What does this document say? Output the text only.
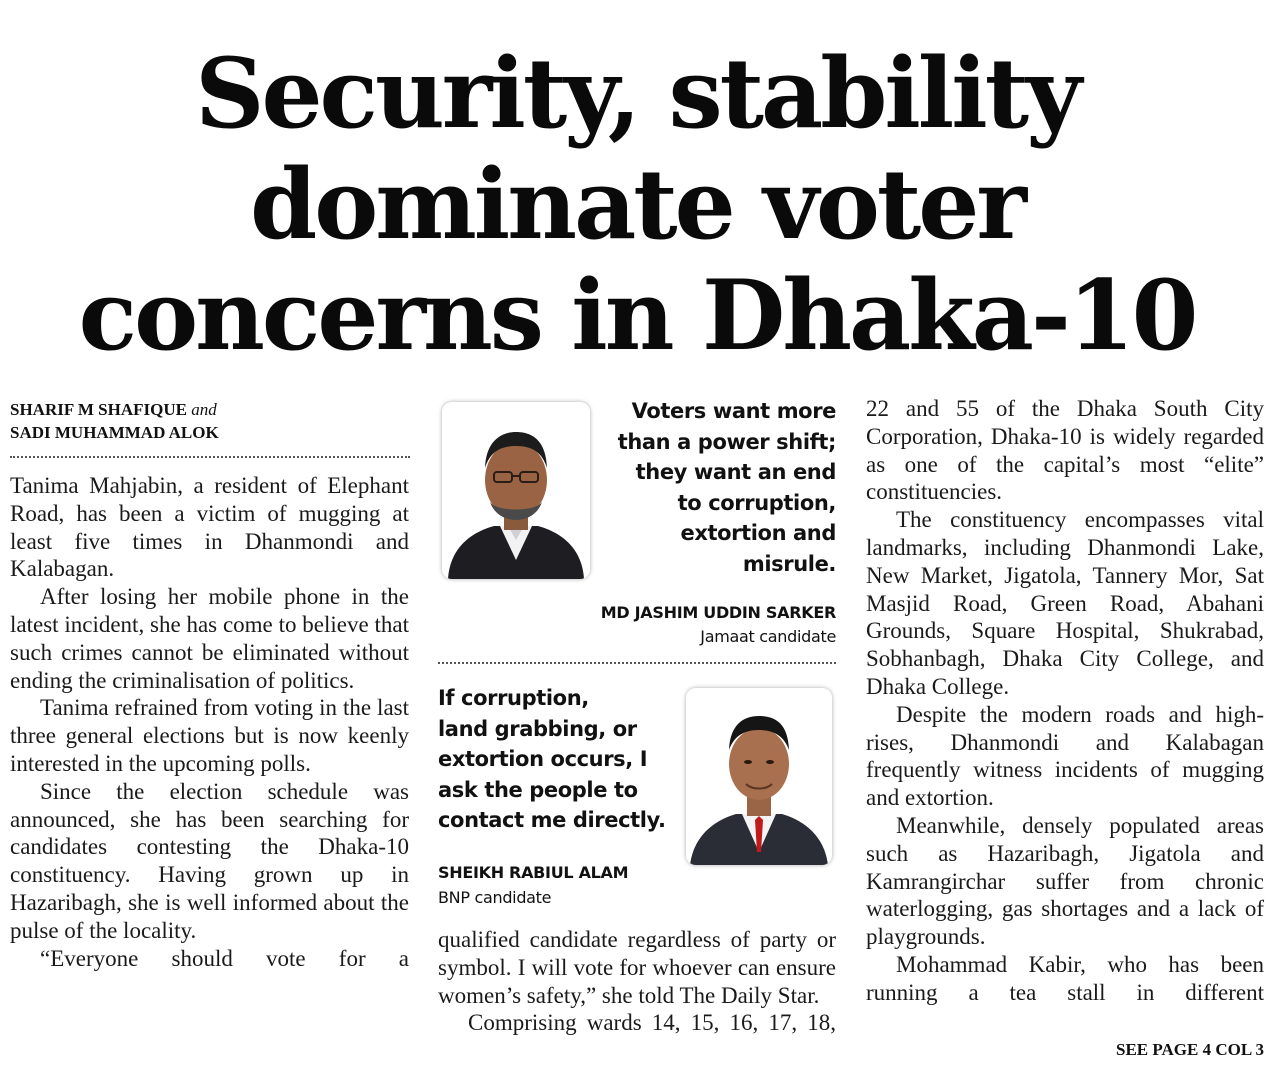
Security, stability
dominate voter
concerns in Dhaka-10
SHARIF M SHAFIQUE and
SADI MUHAMMAD ALOK

Tanima Mahjabin, a resident of Elephant Road, has been a victim of mugging at least five times in Dhanmondi and Kalabagan.

After losing her mobile phone in the latest incident, she has come to believe that such crimes cannot be eliminated without ending the criminalisation of politics.

Tanima refrained from voting in the last three general elections but is now keenly interested in the upcoming polls.

Since the election schedule was announced, she has been searching for candidates contesting the Dhaka-10 constituency. Having grown up in Hazaribagh, she is well informed about the pulse of the locality.

“Everyone should vote for a

Voters want more
than a power shift;
they want an end
to corruption,
extortion and
misrule.
MD JASHIM UDDIN SARKER
Jamaat candidate
If corruption,
land grabbing, or
extortion occurs, I
ask the people to
contact me directly.
SHEIKH RABIUL ALAM
BNP candidate

qualified candidate regardless of party or symbol. I will vote for whoever can ensure women’s safety,” she told The Daily Star.

Comprising wards 14, 15, 16, 17, 18,

22 and 55 of the Dhaka South City Corporation, Dhaka-10 is widely regarded as one of the capital’s most “elite” constituencies.

The constituency encompasses vital landmarks, including Dhanmondi Lake, New Market, Jigatola, Tannery Mor, Sat Masjid Road, Green Road, Abahani Grounds, Square Hospital, Shukrabad, Sobhanbagh, Dhaka City College, and Dhaka College.

Despite the modern roads and high-rises, Dhanmondi and Kalabagan frequently witness incidents of mugging and extortion.

Meanwhile, densely populated areas such as Hazaribagh, Jigatola and Kamrangirchar suffer from chronic waterlogging, gas shortages and a lack of playgrounds.

Mohammad Kabir, who has been running a tea stall in different

SEE PAGE 4 COL 3
